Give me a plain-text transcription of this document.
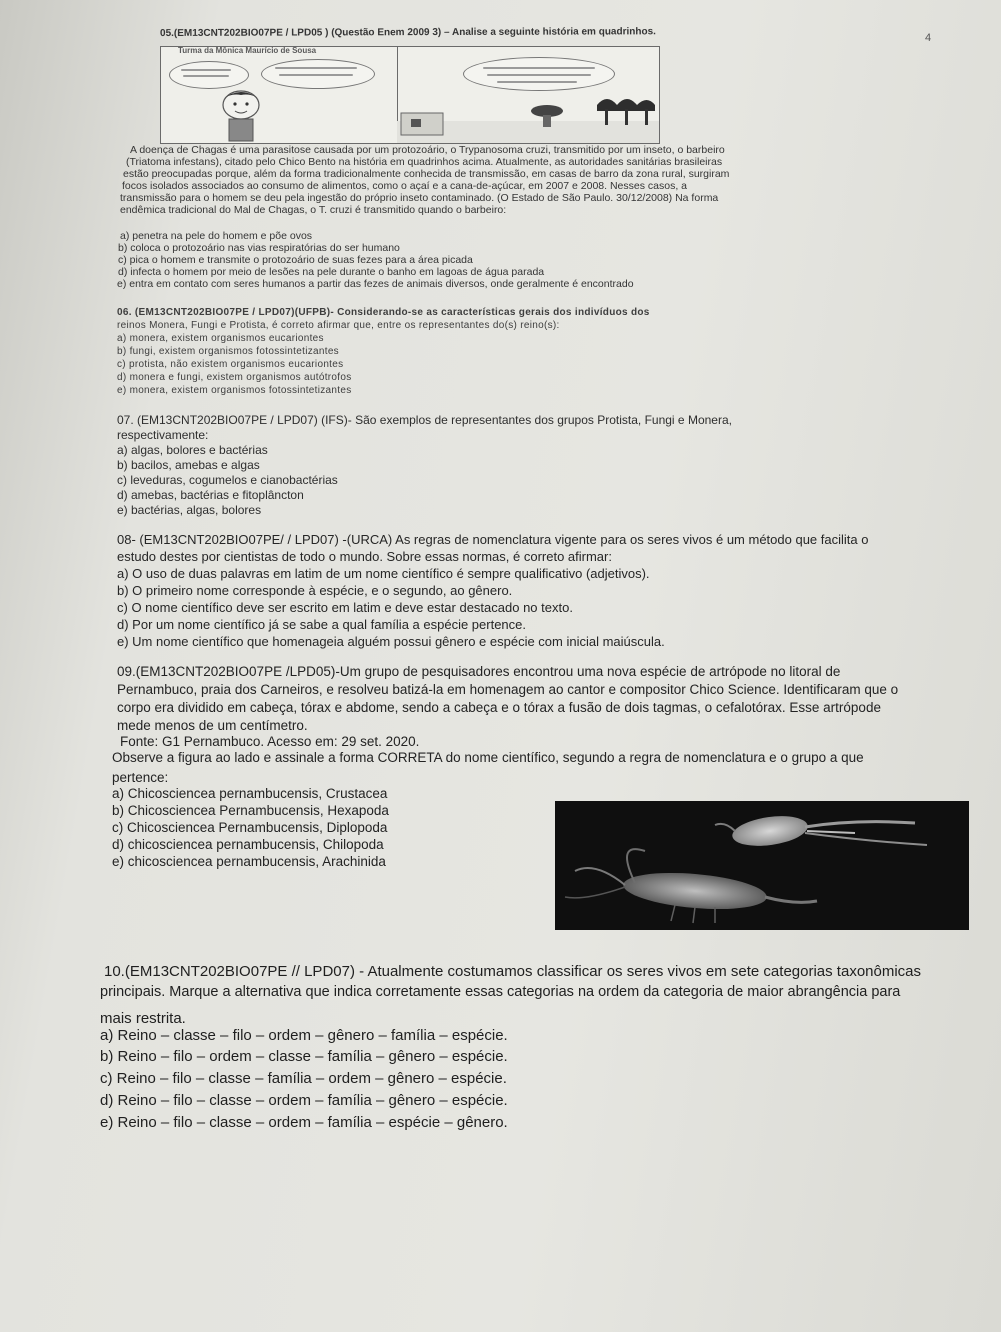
05.(EM13CNT202BIO07PE / LPD05 ) (Questão Enem 2009 3) – Analise a seguinte história em quadrinhos.
Turma da Mônica Maurício de Sousa
A doença de Chagas é uma parasitose causada por um protozoário, o Trypanosoma cruzi, transmitido por um inseto, o barbeiro
(Triatoma infestans), citado pelo Chico Bento na história em quadrinhos acima. Atualmente, as autoridades sanitárias brasileiras
estão preocupadas porque, além da forma tradicionalmente conhecida de transmissão, em casas de barro da zona rural, surgiram
focos isolados associados ao consumo de alimentos, como o açaí e a cana-de-açúcar, em 2007 e 2008. Nesses casos, a
transmissão para o homem se deu pela ingestão do próprio inseto contaminado. (O Estado de São Paulo. 30/12/2008) Na forma
endêmica tradicional do Mal de Chagas, o T. cruzi é transmitido quando o barbeiro:
a) penetra na pele do homem e põe ovos
b) coloca o protozoário nas vias respiratórias do ser humano
c) pica o homem e transmite o protozoário de suas fezes para a área picada
d) infecta o homem por meio de lesões na pele durante o banho em lagoas de água parada
e) entra em contato com seres humanos a partir das fezes de animais diversos, onde geralmente é encontrado
06. (EM13CNT202BIO07PE / LPD07)(UFPB)- Considerando-se as características gerais dos indivíduos dos
reinos Monera, Fungi e Protista, é correto afirmar que, entre os representantes do(s) reino(s):
a) monera, existem organismos eucariontes
b) fungi, existem organismos fotossintetizantes
c) protista, não existem organismos eucariontes
d) monera e fungi, existem organismos autótrofos
e) monera, existem organismos fotossintetizantes
07. (EM13CNT202BIO07PE / LPD07) (IFS)- São exemplos de representantes dos grupos Protista, Fungi e Monera,
respectivamente:
a) algas, bolores e bactérias
b) bacilos, amebas e algas
c) leveduras, cogumelos e cianobactérias
d) amebas, bactérias e fitoplâncton
e) bactérias, algas, bolores
08- (EM13CNT202BIO07PE/ / LPD07) -(URCA) As regras de nomenclatura vigente para os seres vivos é um método que facilita o
estudo destes por cientistas de todo o mundo. Sobre essas normas, é correto afirmar:
a) O uso de duas palavras em latim de um nome científico é sempre qualificativo (adjetivos).
b) O primeiro nome corresponde à espécie, e o segundo, ao gênero.
c) O nome científico deve ser escrito em latim e deve estar destacado no texto.
d) Por um nome científico já se sabe a qual família a espécie pertence.
e) Um nome científico que homenageia alguém possui gênero e espécie com inicial maiúscula.
09.(EM13CNT202BIO07PE /LPD05)-Um grupo de pesquisadores encontrou uma nova espécie de artrópode no litoral de
Pernambuco, praia dos Carneiros, e resolveu batizá-la em homenagem ao cantor e compositor Chico Science. Identificaram que o
corpo era dividido em cabeça, tórax e abdome, sendo a cabeça e o tórax a fusão de dois tagmas, o cefalotórax. Esse artrópode
mede menos de um centímetro.
Fonte: G1 Pernambuco. Acesso em: 29 set. 2020.
Observe a figura ao lado e assinale a forma CORRETA do nome científico, segundo a regra de nomenclatura e o grupo a que
pertence:
a) Chicosciencea pernambucensis, Crustacea
b) Chicosciencea Pernambucensis, Hexapoda
c) Chicosciencea Pernambucensis, Diplopoda
d) chicosciencea pernambucensis, Chilopoda
e) chicosciencea pernambucensis, Arachinida
10.(EM13CNT202BIO07PE // LPD07) - Atualmente costumamos classificar os seres vivos em sete categorias taxonômicas
principais. Marque a alternativa que indica corretamente essas categorias na ordem da categoria de maior abrangência para
mais restrita.
a) Reino – classe – filo – ordem – gênero – família – espécie.
b) Reino – filo – ordem – classe – família – gênero – espécie.
c) Reino – filo – classe – família – ordem – gênero – espécie.
d) Reino – filo – classe – ordem – família – gênero – espécie.
e) Reino – filo – classe – ordem – família – espécie – gênero.
4
